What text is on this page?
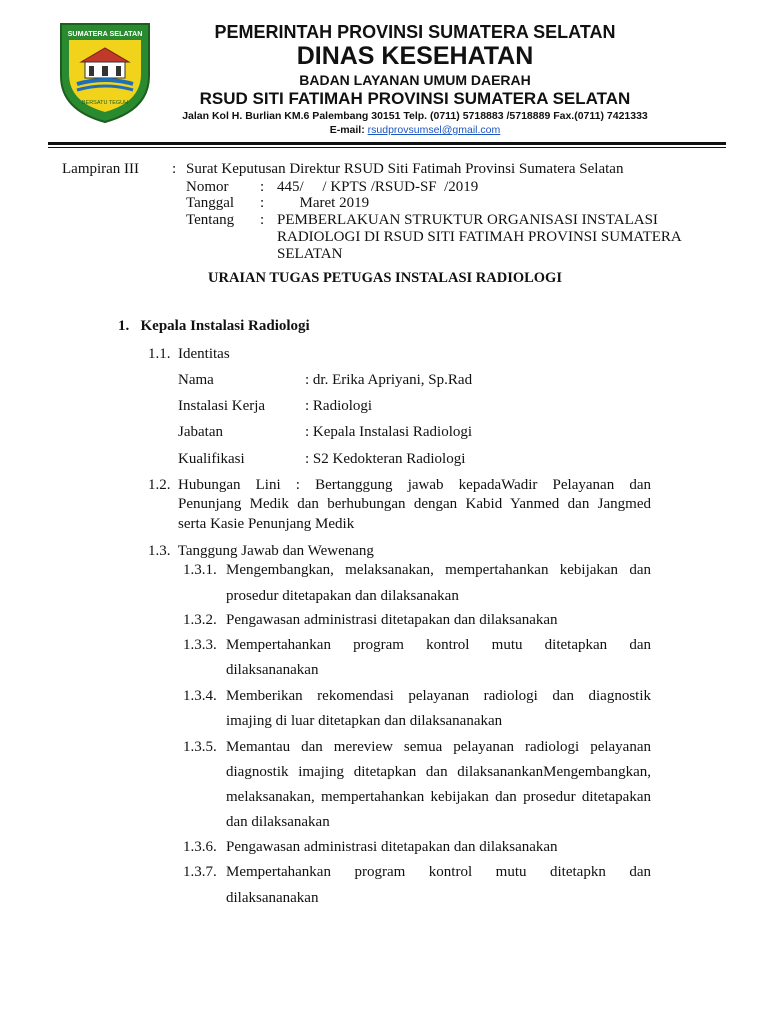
SUMATERA SELATAN
BERSATU TEGUH
PEMERINTAH PROVINSI SUMATERA SELATAN
DINAS KESEHATAN
BADAN LAYANAN UMUM DAERAH
RSUD SITI FATIMAH PROVINSI SUMATERA SELATAN
Jalan Kol H. Burlian KM.6 Palembang 30151 Telp. (0711) 5718883 /5718889 Fax.(0711) 7421333
E-mail: rsudprovsumsel@gmail.com
Lampiran III : Surat Keputusan Direktur RSUD Siti Fatimah Provinsi Sumatera Selatan
Nomor : 445/     / KPTS /RSUD-SF  /2019
Tanggal : Maret 2019
Tentang : PEMBERLAKUAN STRUKTUR ORGANISASI INSTALASI
RADIOLOGI DI RSUD SITI FATIMAH PROVINSI SUMATERA
SELATAN
URAIAN TUGAS PETUGAS INSTALASI RADIOLOGI
1.   Kepala Instalasi Radiologi
1.1.  Identitas
Nama	: dr. Erika Apriyani, Sp.Rad
Instalasi Kerja	: Radiologi
Jabatan	: Kepala Instalasi Radiologi
Kualifikasi	: S2 Kedokteran Radiologi
1.2. Hubungan Lini : Bertanggung jawab kepadaWadir Pelayanan dan
Penunjang Medik dan berhubungan dengan Kabid Yanmed dan Jangmed
serta Kasie Penunjang Medik
1.3.  Tanggung Jawab dan Wewenang
1.3.1. Mengembangkan, melaksanakan, mempertahankan kebijakan dan
prosedur ditetapakan dan dilaksanakan
1.3.2. Pengawasan administrasi ditetapakan dan dilaksanakan
1.3.3. Mempertahankan program kontrol mutu ditetapkan dan
dilaksananakan
1.3.4. Memberikan rekomendasi pelayanan radiologi dan diagnostik
imajing di luar ditetapkan dan dilaksananakan
1.3.5. Memantau dan mereview semua pelayanan radiologi pelayanan
diagnostik imajing ditetapkan dan dilaksanankanMengembangkan,
melaksanakan, mempertahankan kebijakan dan prosedur ditetapakan
dan dilaksanakan
1.3.6. Pengawasan administrasi ditetapakan dan dilaksanakan
1.3.7. Mempertahankan program kontrol mutu ditetapkn dan
dilaksananakan
